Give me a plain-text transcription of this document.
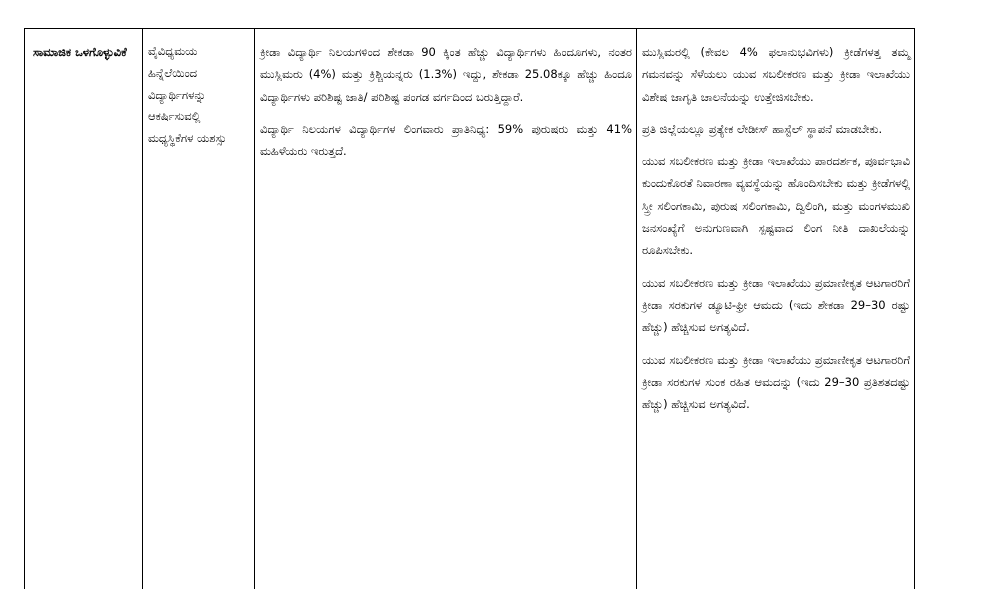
ಸಾಮಾಜಿಕ ಒಳಗೊಳ್ಳುವಿಕೆ	ವೈವಿಧ್ಯಮಯ ಹಿನ್ನೆಲೆಯಿಂದ ವಿದ್ಯಾರ್ಥಿಗಳನ್ನು ಆಕರ್ಷಿಸುವಲ್ಲಿ ಮಧ್ಯಸ್ಥಿಕೆಗಳ ಯಶಸ್ಸು

ಕ್ರೀಡಾ ವಿದ್ಯಾರ್ಥಿ ನಿಲಯಗಳಿಂದ ಶೇಕಡಾ 90 ಕ್ಕಿಂತ ಹೆಚ್ಚು ವಿದ್ಯಾರ್ಥಿಗಳು ಹಿಂದೂಗಳು, ನಂತರ ಮುಸ್ಲಿಮರು (4%) ಮತ್ತು ಕ್ರಿಶ್ಚಿಯನ್ನರು (1.3%) ಇದ್ದು, ಶೇಕಡಾ 25.08ಕ್ಕೂ ಹೆಚ್ಚು ಹಿಂದೂ ವಿದ್ಯಾರ್ಥಿಗಳು ಪರಿಶಿಷ್ಟ ಜಾತಿ/ ಪರಿಶಿಷ್ಟ ಪಂಗಡ ವರ್ಗದಿಂದ ಬರುತ್ತಿದ್ದಾರೆ.

ವಿದ್ಯಾರ್ಥಿ ನಿಲಯಗಳ ವಿದ್ಯಾರ್ಥಿಗಳ ಲಿಂಗವಾರು ಪ್ರಾತಿನಿಧ್ಯ: 59% ಪುರುಷರು ಮತ್ತು 41% ಮಹಿಳೆಯರು ಇರುತ್ತದೆ.

ಮುಸ್ಲಿಮರಲ್ಲಿ (ಕೇವಲ 4% ಫಲಾನುಭವಿಗಳು) ಕ್ರೀಡೆಗಳತ್ತ ತಮ್ಮ ಗಮನವನ್ನು ಸೆಳೆಯಲು ಯುವ ಸಬಲೀಕರಣ ಮತ್ತು ಕ್ರೀಡಾ ಇಲಾಖೆಯು ವಿಶೇಷ ಜಾಗೃತಿ ಚಾಲನೆಯನ್ನು ಉತ್ತೇಜಿಸಬೇಕು.

ಪ್ರತಿ ಜಿಲ್ಲೆಯಲ್ಲೂ ಪ್ರತ್ಯೇಕ ಲೇಡೀಸ್ ಹಾಸ್ಟೆಲ್ ಸ್ಥಾಪನೆ ಮಾಡಬೇಕು.

ಯುವ ಸಬಲೀಕರಣ ಮತ್ತು ಕ್ರೀಡಾ ಇಲಾಖೆಯು ಪಾರದರ್ಶಕ, ಪೂರ್ವಭಾವಿ ಕುಂದುಕೊರತೆ ನಿವಾರಣಾ ವ್ಯವಸ್ಥೆಯನ್ನು ಹೊಂದಿಸಬೇಕು ಮತ್ತು ಕ್ರೀಡೆಗಳಲ್ಲಿ ಸ್ತ್ರೀ ಸಲಿಂಗಕಾಮಿ, ಪುರುಷ ಸಲಿಂಗಕಾಮಿ, ದ್ವಿಲಿಂಗಿ, ಮತ್ತು ಮಂಗಳಮುಖಿ ಜನಸಂಖ್ಯೆಗೆ ಅನುಗುಣವಾಗಿ ಸ್ಪಷ್ಟವಾದ ಲಿಂಗ ನೀತಿ ದಾಖಲೆಯನ್ನು ರೂಪಿಸಬೇಕು.

ಯುವ ಸಬಲೀಕರಣ ಮತ್ತು ಕ್ರೀಡಾ ಇಲಾಖೆಯು ಪ್ರಮಾಣೀಕೃತ ಆಟಗಾರರಿಗೆ ಕ್ರೀಡಾ ಸರಕುಗಳ ಡ್ಯೂಟಿ-ಫ್ರೀ ಆಮದು (ಇದು ಶೇಕಡಾ 29–30 ರಷ್ಟು ಹೆಚ್ಚು) ಹೆಚ್ಚಿಸುವ ಅಗತ್ಯವಿದೆ.

ಯುವ ಸಬಲೀಕರಣ ಮತ್ತು ಕ್ರೀಡಾ ಇಲಾಖೆಯು ಪ್ರಮಾಣೀಕೃತ ಆಟಗಾರರಿಗೆ ಕ್ರೀಡಾ ಸರಕುಗಳ ಸುಂಕ ರಹಿತ ಆಮದನ್ನು (ಇದು 29–30 ಪ್ರತಿಶತದಷ್ಟು ಹೆಚ್ಚು) ಹೆಚ್ಚಿಸುವ ಅಗತ್ಯವಿದೆ.
